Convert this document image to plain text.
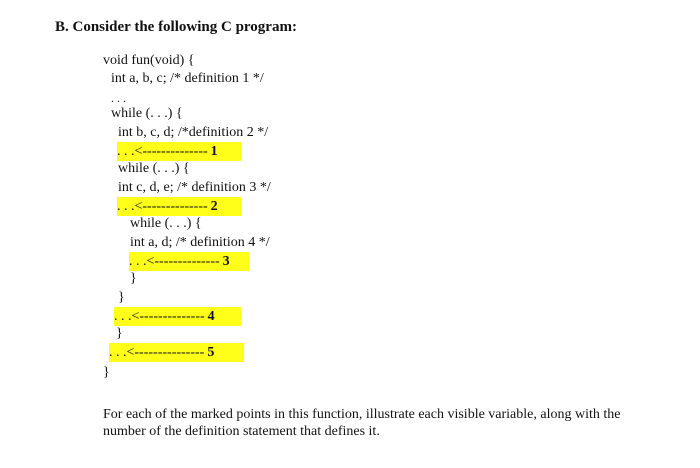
B. Consider the following C program:
void fun(void) {
int a, b, c; /* definition 1 */
. . .
while (. . .) {
int b, c, d; /*definition 2 */
. . .<-------------- 1
while (. . .) {
int c, d, e; /* definition 3 */
. . .<-------------- 2
while (. . .) {
int a, d; /* definition 4 */
. . .<-------------- 3
}
}
. . .<-------------- 4
}
. . .<--------------- 5
}
For each of the marked points in this function, illustrate each visible variable, along with the number of the definition statement that defines it.
